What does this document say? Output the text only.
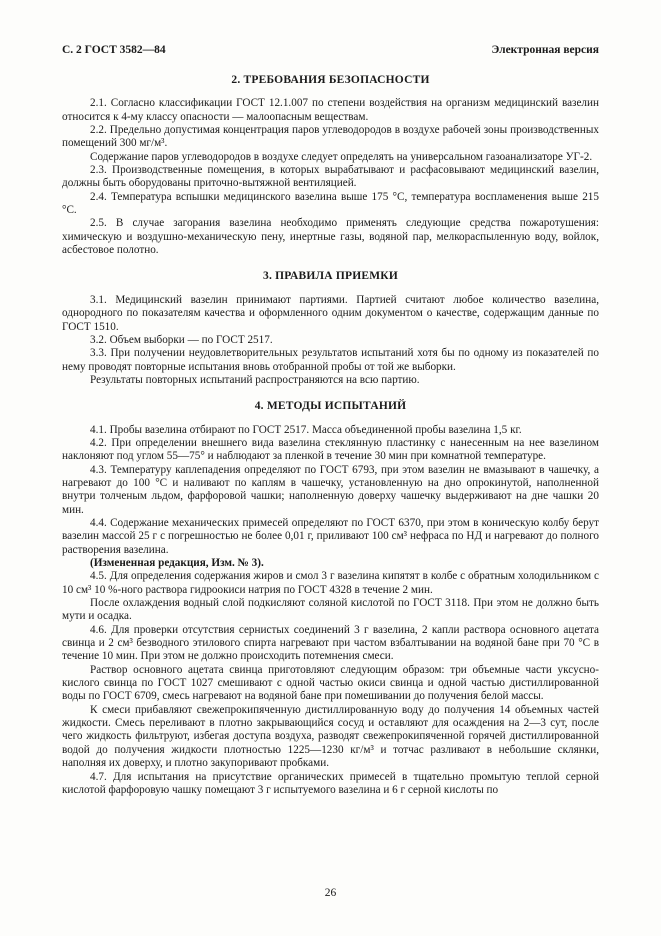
С. 2 ГОСТ 3582—84	Электронная версия
2. ТРЕБОВАНИЯ БЕЗОПАСНОСТИ

2.1. Согласно классификации ГОСТ 12.1.007 по степени воздействия на организм медицинский вазелин относится к 4-му классу опасности — малоопасным веществам.

2.2. Предельно допустимая концентрация паров углеводородов в воздухе рабочей зоны производственных помещений 300 мг/м³.

Содержание паров углеводородов в воздухе следует определять на универсальном газоанализаторе УГ-2.

2.3. Производственные помещения, в которых вырабатывают и расфасовывают медицинский вазелин, должны быть оборудованы приточно-вытяжной вентиляцией.

2.4. Температура вспышки медицинского вазелина выше 175 °С, температура воспламенения выше 215 °С.

2.5. В случае загорания вазелина необходимо применять следующие средства пожаротушения: химическую и воздушно-механическую пену, инертные газы, водяной пар, мелкораспыленную воду, войлок, асбестовое полотно.

3. ПРАВИЛА ПРИЕМКИ

3.1. Медицинский вазелин принимают партиями. Партией считают любое количество вазелина, однородного по показателям качества и оформленного одним документом о качестве, содержащим данные по ГОСТ 1510.

3.2. Объем выборки — по ГОСТ 2517.

3.3. При получении неудовлетворительных результатов испытаний хотя бы по одному из показателей по нему проводят повторные испытания вновь отобранной пробы от той же выборки.

Результаты повторных испытаний распространяются на всю партию.

4. МЕТОДЫ ИСПЫТАНИЙ

4.1. Пробы вазелина отбирают по ГОСТ 2517. Масса объединенной пробы вазелина 1,5 кг.

4.2. При определении внешнего вида вазелина стеклянную пластинку с нанесенным на нее вазелином наклоняют под углом 55—75° и наблюдают за пленкой в течение 30 мин при комнатной температуре.

4.3. Температуру каплепадения определяют по ГОСТ 6793, при этом вазелин не вмазывают в чашечку, а нагревают до 100 °С и наливают по каплям в чашечку, установленную на дно опрокинутой, наполненной внутри толченым льдом, фарфоровой чашки; наполненную доверху чашечку выдерживают на дне чашки 20 мин.

4.4. Содержание механических примесей определяют по ГОСТ 6370, при этом в коническую колбу берут вазелин массой 25 г с погрешностью не более 0,01 г, приливают 100 см³ нефраса по НД и нагревают до полного растворения вазелина.

(Измененная редакция, Изм. № 3).

4.5. Для определения содержания жиров и смол 3 г вазелина кипятят в колбе с обратным холодильником с 10 см³ 10 %-ного раствора гидроокиси натрия по ГОСТ 4328 в течение 2 мин.

После охлаждения водный слой подкисляют соляной кислотой по ГОСТ 3118. При этом не должно быть мути и осадка.

4.6. Для проверки отсутствия сернистых соединений 3 г вазелина, 2 капли раствора основного ацетата свинца и 2 см³ безводного этилового спирта нагревают при частом взбалтывании на водяной бане при 70 °С в течение 10 мин. При этом не должно происходить потемнения смеси.

Раствор основного ацетата свинца приготовляют следующим образом: три объемные части уксусно-кислого свинца по ГОСТ 1027 смешивают с одной частью окиси свинца и одной частью дистиллированной воды по ГОСТ 6709, смесь нагревают на водяной бане при помешивании до получения белой массы.

К смеси прибавляют свежепрокипяченную дистиллированную воду до получения 14 объемных частей жидкости. Смесь переливают в плотно закрывающийся сосуд и оставляют для осаждения на 2—3 сут, после чего жидкость фильтруют, избегая доступа воздуха, разводят свежепрокипяченной горячей дистиллированной водой до получения жидкости плотностью 1225—1230 кг/м³ и тотчас разливают в небольшие склянки, наполняя их доверху, и плотно закупоривают пробками.

4.7. Для испытания на присутствие органических примесей в тщательно промытую теплой серной кислотой фарфоровую чашку помещают 3 г испытуемого вазелина и 6 г серной кислоты по

26
